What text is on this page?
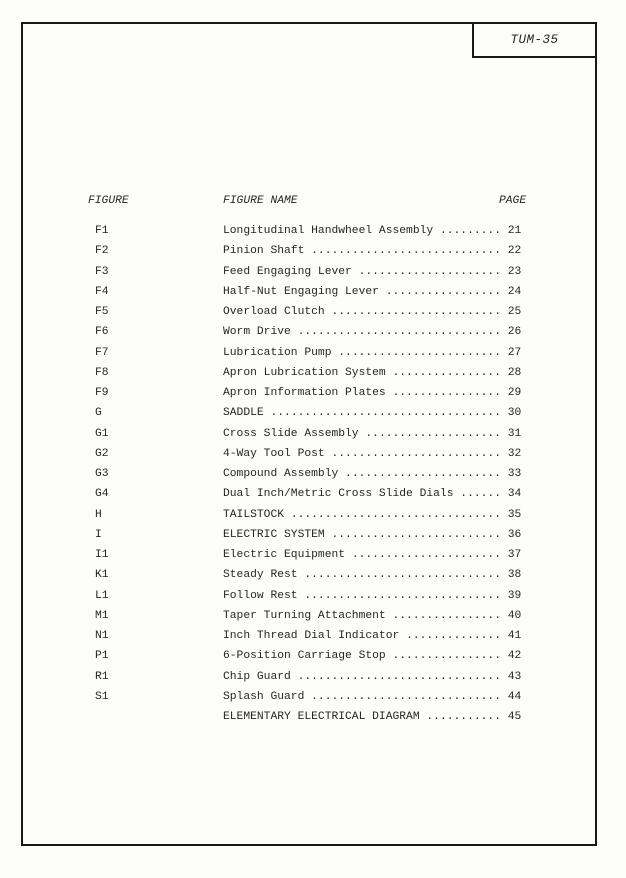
TUM-35
FIGURE	FIGURE NAME	PAGE
F1	Longitudinal Handwheel Assembly ......... 21
F2	Pinion Shaft ............................ 22
F3	Feed Engaging Lever ..................... 23
F4	Half-Nut Engaging Lever ................. 24
F5	Overload Clutch ......................... 25
F6	Worm Drive .............................. 26
F7	Lubrication Pump ........................ 27
F8	Apron Lubrication System ................ 28
F9	Apron Information Plates ................ 29
G	SADDLE .................................. 30
G1	Cross Slide Assembly .................... 31
G2	4-Way Tool Post ......................... 32
G3	Compound Assembly ....................... 33
G4	Dual Inch/Metric Cross Slide Dials ...... 34
H	TAILSTOCK ............................... 35
I	ELECTRIC SYSTEM ......................... 36
I1	Electric Equipment ...................... 37
K1	Steady Rest ............................. 38
L1	Follow Rest ............................. 39
M1	Taper Turning Attachment ................ 40
N1	Inch Thread Dial Indicator .............. 41
P1	6-Position Carriage Stop ................ 42
R1	Chip Guard .............................. 43
S1	Splash Guard ............................ 44
ELEMENTARY ELECTRICAL DIAGRAM ........... 45
